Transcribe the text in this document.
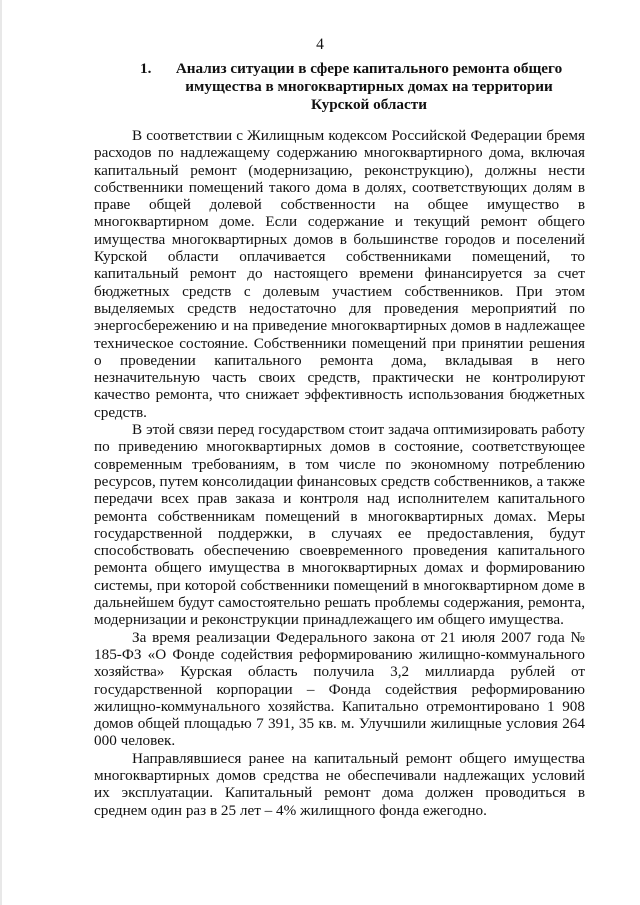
4
1.	Анализ ситуации в сфере капитального ремонта общего имущества в многоквартирных домах на территории Курской области

В соответствии с Жилищным кодексом Российской Федерации бремя расходов по надлежащему содержанию многоквартирного дома, включая капитальный ремонт (модернизацию, реконструкцию), должны нести собственники помещений такого дома в долях, соответствующих долям в праве общей долевой собственности на общее имущество в многоквартирном доме. Если содержание и текущий ремонт общего имущества многоквартирных домов в большинстве городов и поселений Курской области оплачивается собственниками помещений, то капитальный ремонт до настоящего времени финансируется за счет бюджетных средств с долевым участием собственников. При этом выделяемых средств недостаточно для проведения мероприятий по энергосбережению и на приведение многоквартирных домов в надлежащее техническое состояние. Собственники помещений при принятии решения о проведении капитального ремонта дома, вкладывая в него незначительную часть своих средств, практически не контролируют качество ремонта, что снижает эффективность использования бюджетных средств.

В этой связи перед государством стоит задача оптимизировать работу по приведению многоквартирных домов в состояние, соответствующее современным требованиям, в том числе по экономному потреблению ресурсов, путем консолидации финансовых средств собственников, а также передачи всех прав заказа и контроля над исполнителем капитального ремонта собственникам помещений в многоквартирных домах. Меры государственной поддержки, в случаях ее предоставления, будут способствовать обеспечению своевременного проведения капитального ремонта общего имущества в многоквартирных домах и формированию системы, при которой собственники помещений в многоквартирном доме в дальнейшем будут самостоятельно решать проблемы содержания, ремонта, модернизации и реконструкции принадлежащего им общего имущества.

За время реализации Федерального закона от 21 июля 2007 года № 185-ФЗ «О Фонде содействия реформированию жилищно-коммунального хозяйства» Курская область получила 3,2 миллиарда рублей от государственной корпорации – Фонда содействия реформированию жилищно-коммунального хозяйства. Капитально отремонтировано 1 908 домов общей площадью 7 391, 35 кв. м. Улучшили жилищные условия 264 000 человек.

Направлявшиеся ранее на капитальный ремонт общего имущества многоквартирных домов средства не обеспечивали надлежащих условий их эксплуатации. Капитальный ремонт дома должен проводиться в среднем один раз в 25 лет – 4% жилищного фонда ежегодно.
